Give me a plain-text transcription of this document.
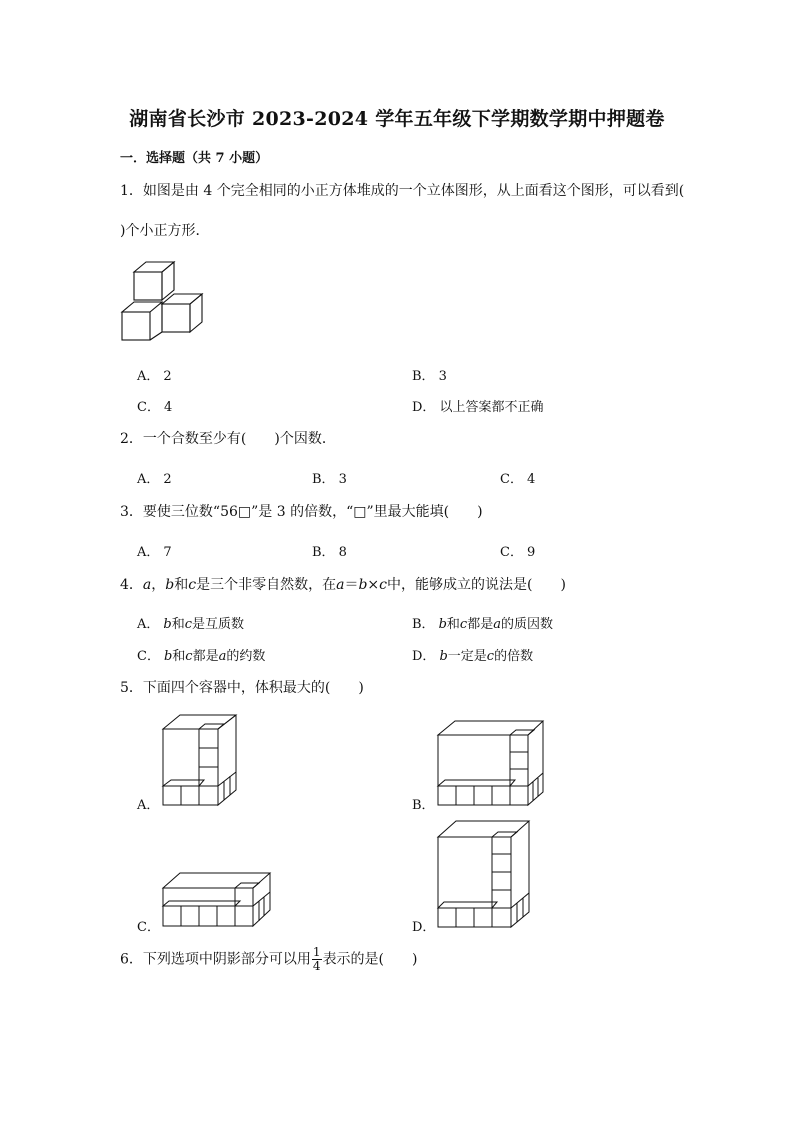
湖南省长沙市 2023-2024 学年五年级下学期数学期中押题卷
一．选择题（共 7 小题）
1．如图是由 4 个完全相同的小正方体堆成的一个立体图形，从上面看这个图形，可以看到(
)个小正方形．
A． 2	B． 3
C． 4	D． 以上答案都不正确
2．一个合数至少有(　　)个因数．
A． 2	B． 3	C． 4
3．要使三位数“56□”是 3 的倍数，“□”里最大能填(　　)
A． 7	B． 8	C． 9
4．a，b和c是三个非零自然数，在a＝b×c中，能够成立的说法是(　　)
A． b和c是互质数	B． b和c都是a的质因数
C． b和c都是a的约数	D． b一定是c的倍数
5．下面四个容器中，体积最大的(　　)
A．	B．
C．	D．
6．下列选项中阴影部分可以用 $\frac{1}{4}$ 表示的是(　　)
